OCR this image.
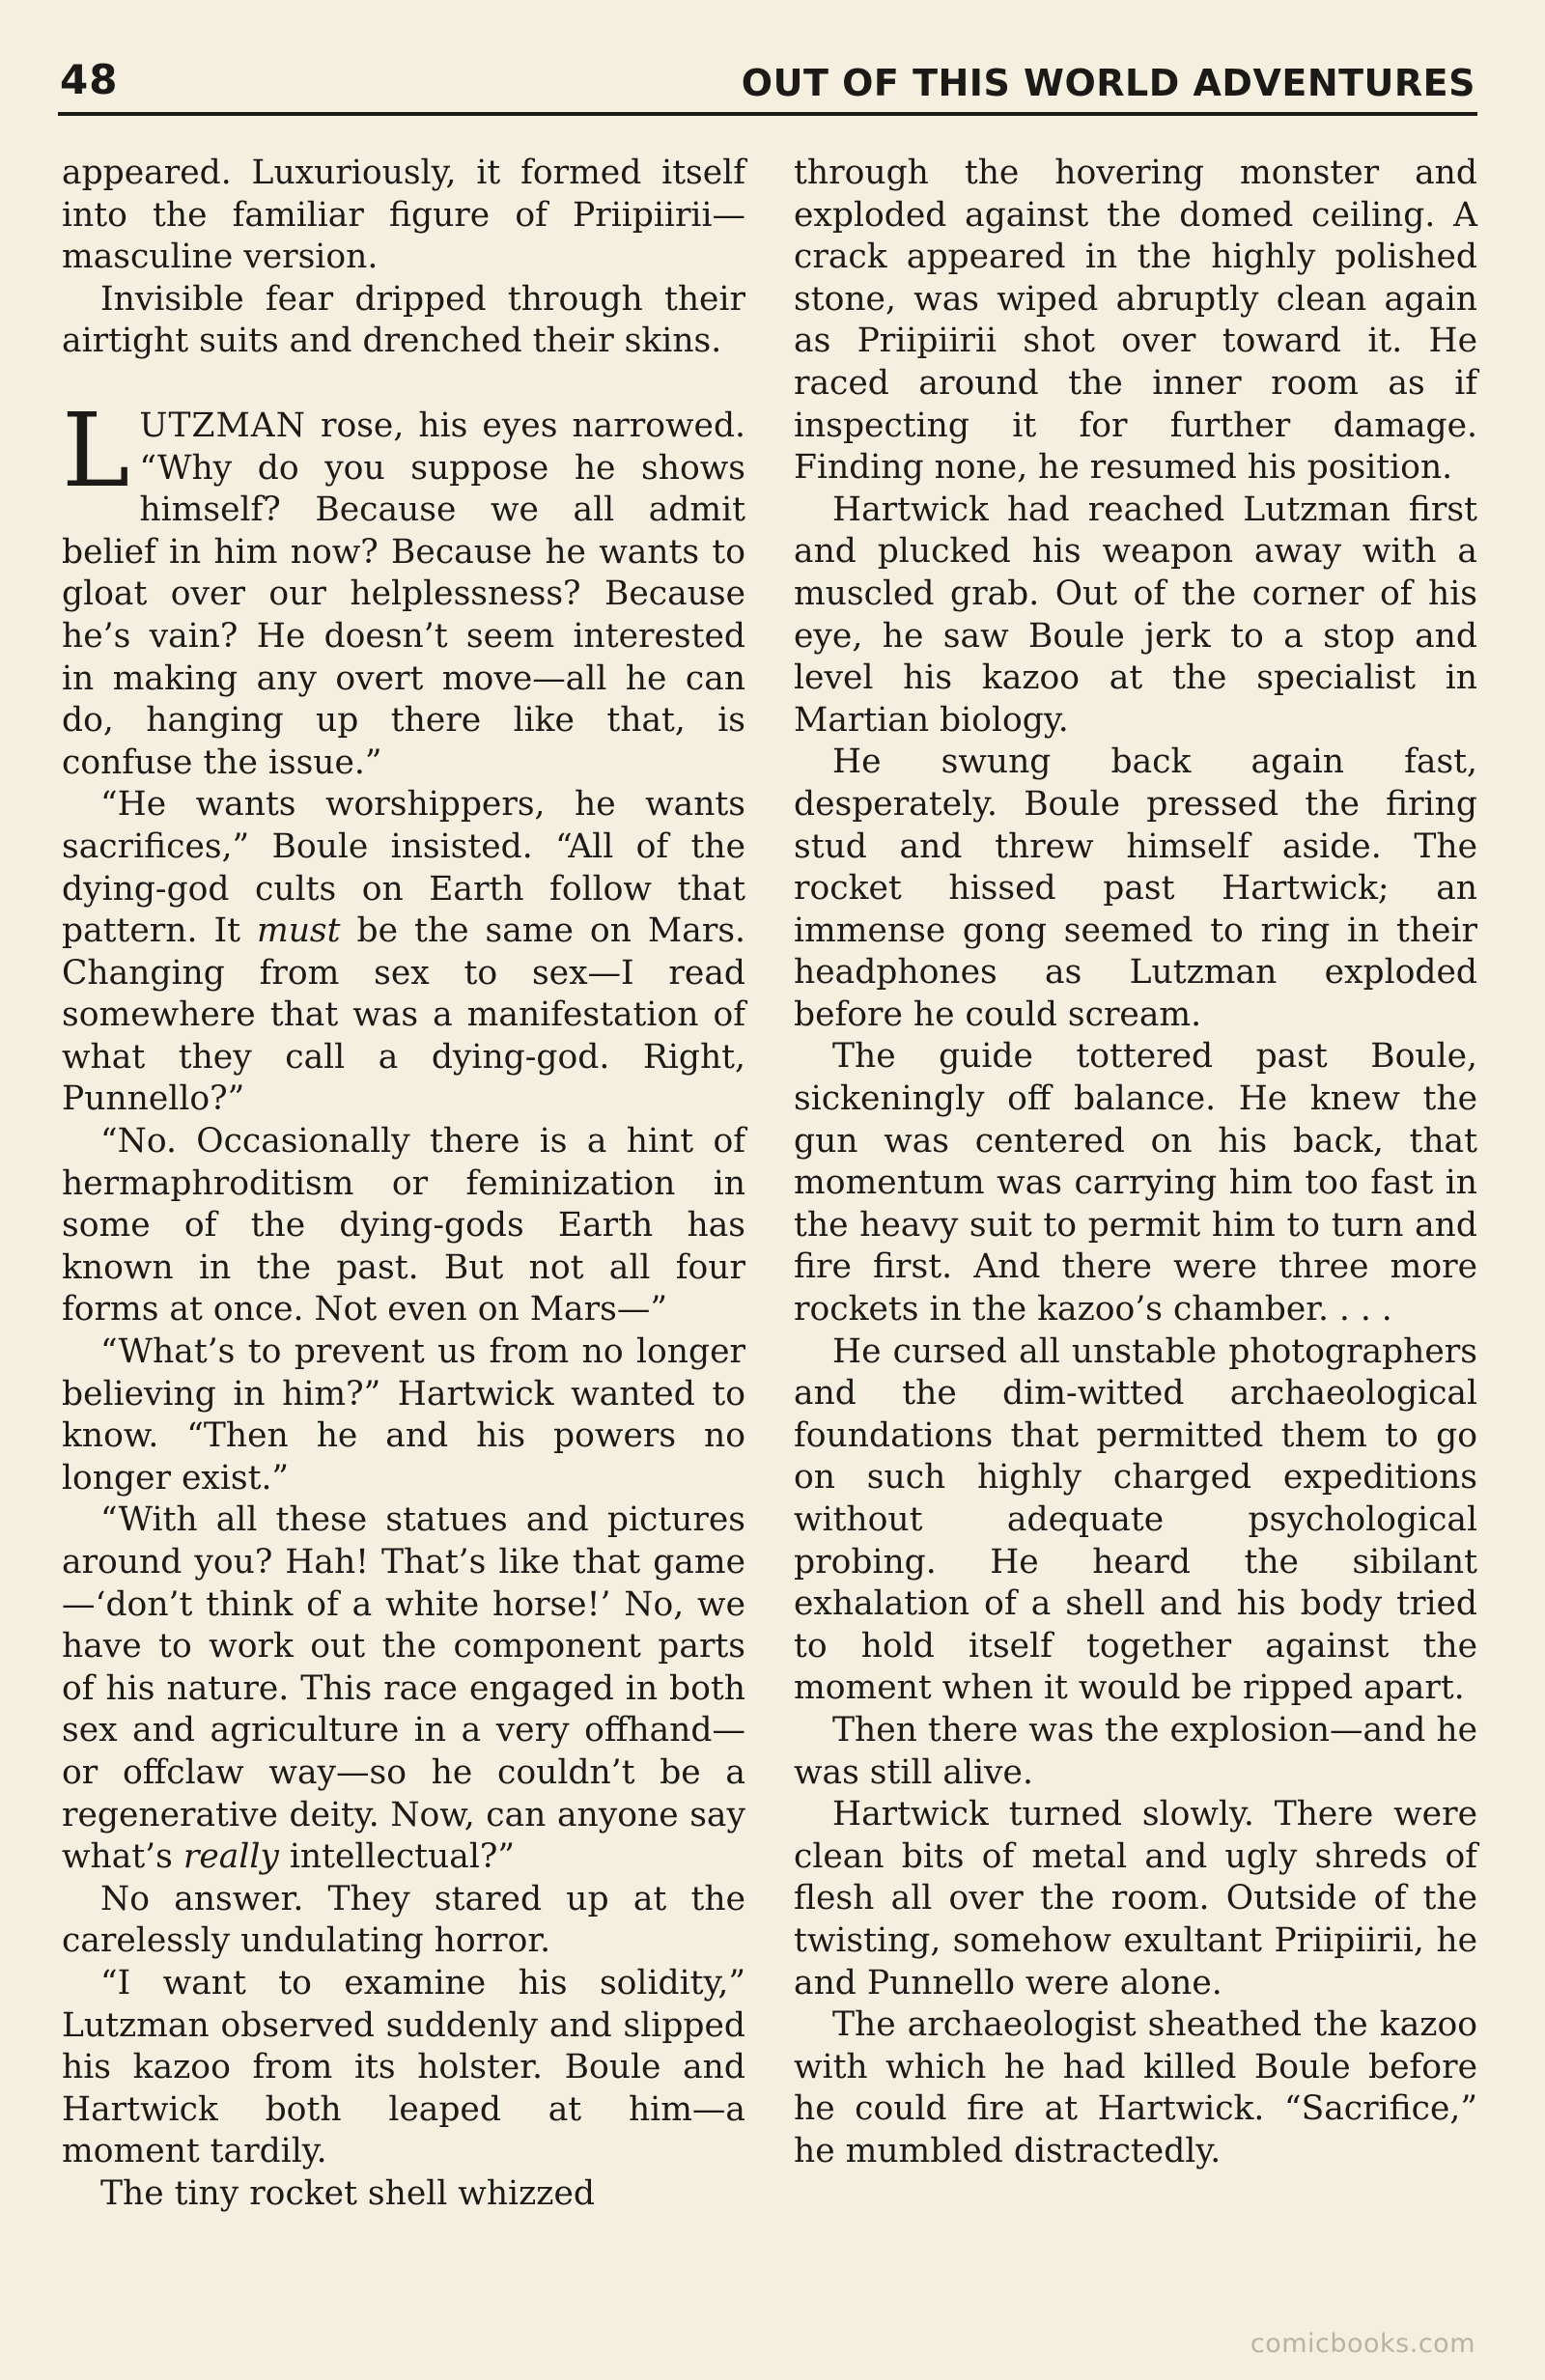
48	OUT OF THIS WORLD ADVENTURES

appeared. Luxuriously, it formed itself into the familiar figure of Priipiirii—masculine version.

Invisible fear dripped through their airtight suits and drenched their skins.

LUTZMAN rose, his eyes narrowed. “Why do you suppose he shows himself? Because we all admit belief in him now? Because he wants to gloat over our helplessness? Because he’s vain? He doesn’t seem interested in making any overt move—all he can do, hanging up there like that, is confuse the issue.”

“He wants worshippers, he wants sacrifices,” Boule insisted. “All of the dying-god cults on Earth follow that pattern. It must be the same on Mars. Changing from sex to sex—I read somewhere that was a manifestation of what they call a dying-god. Right, Punnello?”

“No. Occasionally there is a hint of hermaphroditism or feminization in some of the dying-gods Earth has known in the past. But not all four forms at once. Not even on Mars—”

“What’s to prevent us from no longer believing in him?” Hartwick wanted to know. “Then he and his powers no longer exist.”

“With all these statues and pictures around you? Hah! That’s like that game—‘don’t think of a white horse!’ No, we have to work out the component parts of his nature. This race engaged in both sex and agriculture in a very offhand—or offclaw way—so he couldn’t be a regenerative deity. Now, can anyone say what’s really intellectual?”

No answer. They stared up at the carelessly undulating horror.

“I want to examine his solidity,” Lutzman observed suddenly and slipped his kazoo from its holster. Boule and Hartwick both leaped at him—a moment tardily.

The tiny rocket shell whizzed

through the hovering monster and exploded against the domed ceiling. A crack appeared in the highly polished stone, was wiped abruptly clean again as Priipiirii shot over toward it. He raced around the inner room as if inspecting it for further damage. Finding none, he resumed his position.

Hartwick had reached Lutzman first and plucked his weapon away with a muscled grab. Out of the corner of his eye, he saw Boule jerk to a stop and level his kazoo at the specialist in Martian biology.

He swung back again fast, desperately. Boule pressed the firing stud and threw himself aside. The rocket hissed past Hartwick; an immense gong seemed to ring in their headphones as Lutzman exploded before he could scream.

The guide tottered past Boule, sickeningly off balance. He knew the gun was centered on his back, that momentum was carrying him too fast in the heavy suit to permit him to turn and fire first. And there were three more rockets in the kazoo’s chamber. . . .

He cursed all unstable photographers and the dim-witted archaeological foundations that permitted them to go on such highly charged expeditions without adequate psychological probing. He heard the sibilant exhalation of a shell and his body tried to hold itself together against the moment when it would be ripped apart.

Then there was the explosion—and he was still alive.

Hartwick turned slowly. There were clean bits of metal and ugly shreds of flesh all over the room. Outside of the twisting, somehow exultant Priipiirii, he and Punnello were alone.

The archaeologist sheathed the kazoo with which he had killed Boule before he could fire at Hartwick. “Sacrifice,” he mumbled distractedly.

comicbooks.com
